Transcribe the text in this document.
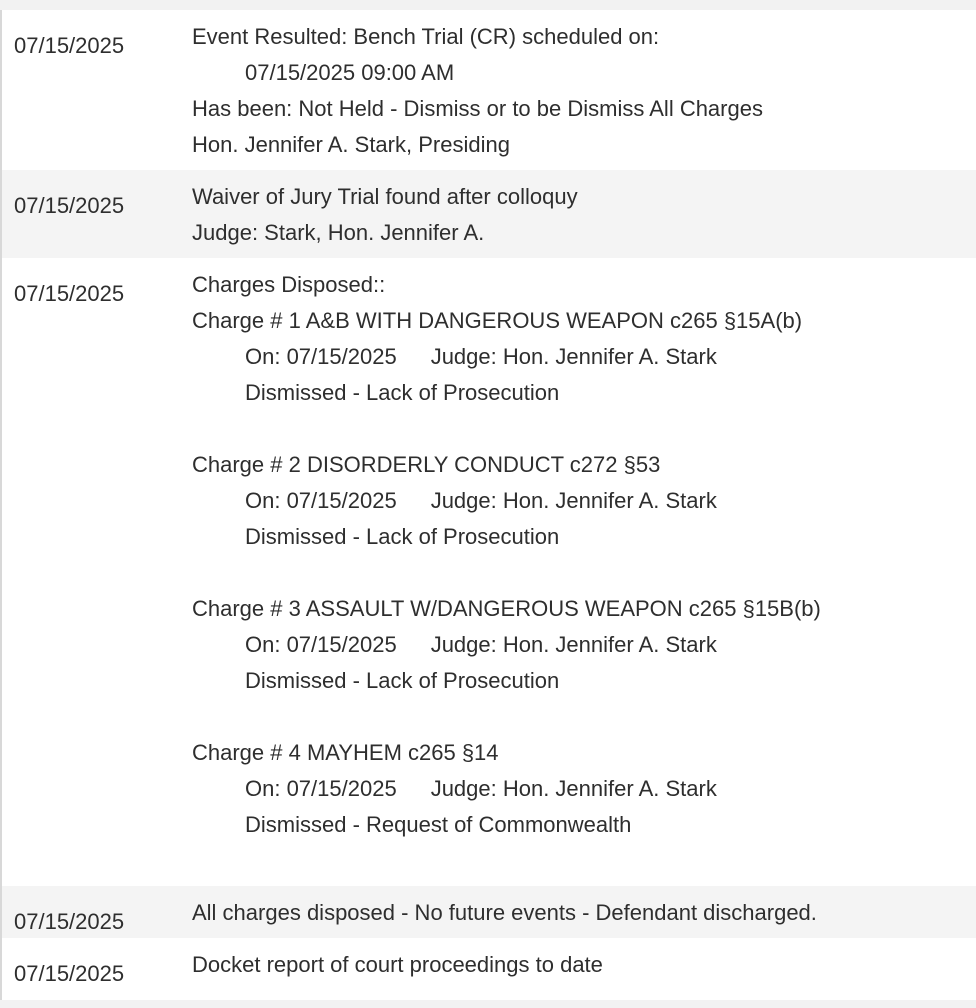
07/15/2025	Event Resulted: Bench Trial (CR) scheduled on:
07/15/2025 09:00 AM
Has been: Not Held - Dismiss or to be Dismiss All Charges
Hon. Jennifer A. Stark, Presiding
07/15/2025	Waiver of Jury Trial found after colloquy
Judge: Stark, Hon. Jennifer A.
07/15/2025	Charges Disposed::
Charge # 1 A&B WITH DANGEROUS WEAPON c265 §15A(b)
On: 07/15/2025 Judge: Hon. Jennifer A. Stark
Dismissed - Lack of Prosecution
Charge # 2 DISORDERLY CONDUCT c272 §53
On: 07/15/2025 Judge: Hon. Jennifer A. Stark
Dismissed - Lack of Prosecution
Charge # 3 ASSAULT W/DANGEROUS WEAPON c265 §15B(b)
On: 07/15/2025 Judge: Hon. Jennifer A. Stark
Dismissed - Lack of Prosecution
Charge # 4 MAYHEM c265 §14
On: 07/15/2025 Judge: Hon. Jennifer A. Stark
Dismissed - Request of Commonwealth
07/15/2025	All charges disposed - No future events - Defendant discharged.
07/15/2025	Docket report of court proceedings to date
